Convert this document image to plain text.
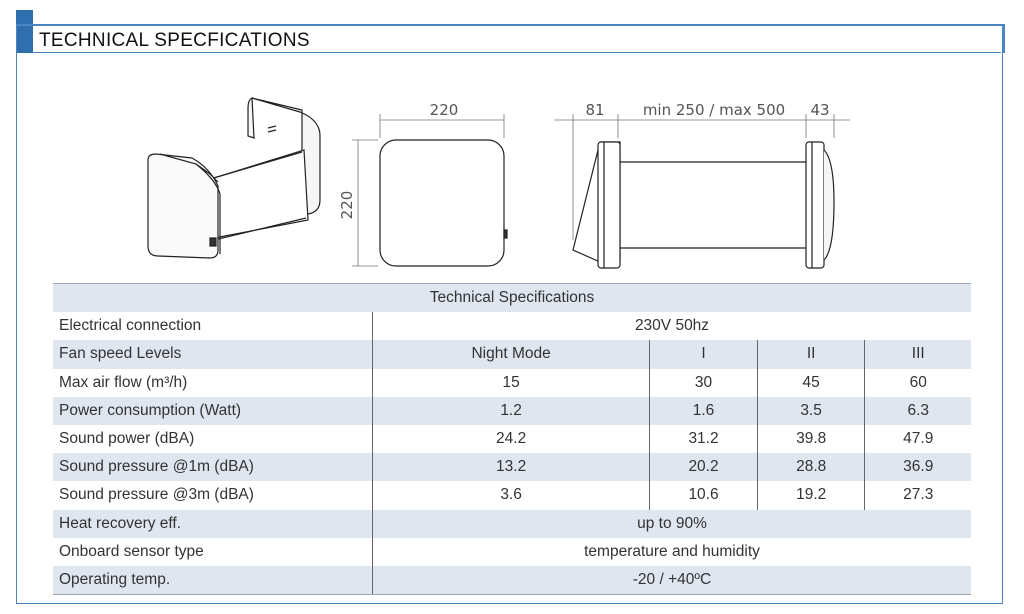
TECHNICAL SPECFICATIONS
220
220
81	min 250 / max 500 43
Technical Specifications				
Electrical connection	230V 50hz			
Fan speed Levels	Night Mode	I	II	III
Max air flow (m³/h)	15	30	45	60
Power consumption (Watt)	1.2	1.6	3.5	6.3
Sound power (dBA)	24.2	31.2	39.8	47.9
Sound pressure @1m (dBA)	13.2	20.2	28.8	36.9
Sound pressure @3m (dBA)	3.6	10.6	19.2	27.3
Heat recovery eff.	up to 90%			
Onboard sensor type	temperature and humidity			
Operating temp.	-20 / +40ºC			
